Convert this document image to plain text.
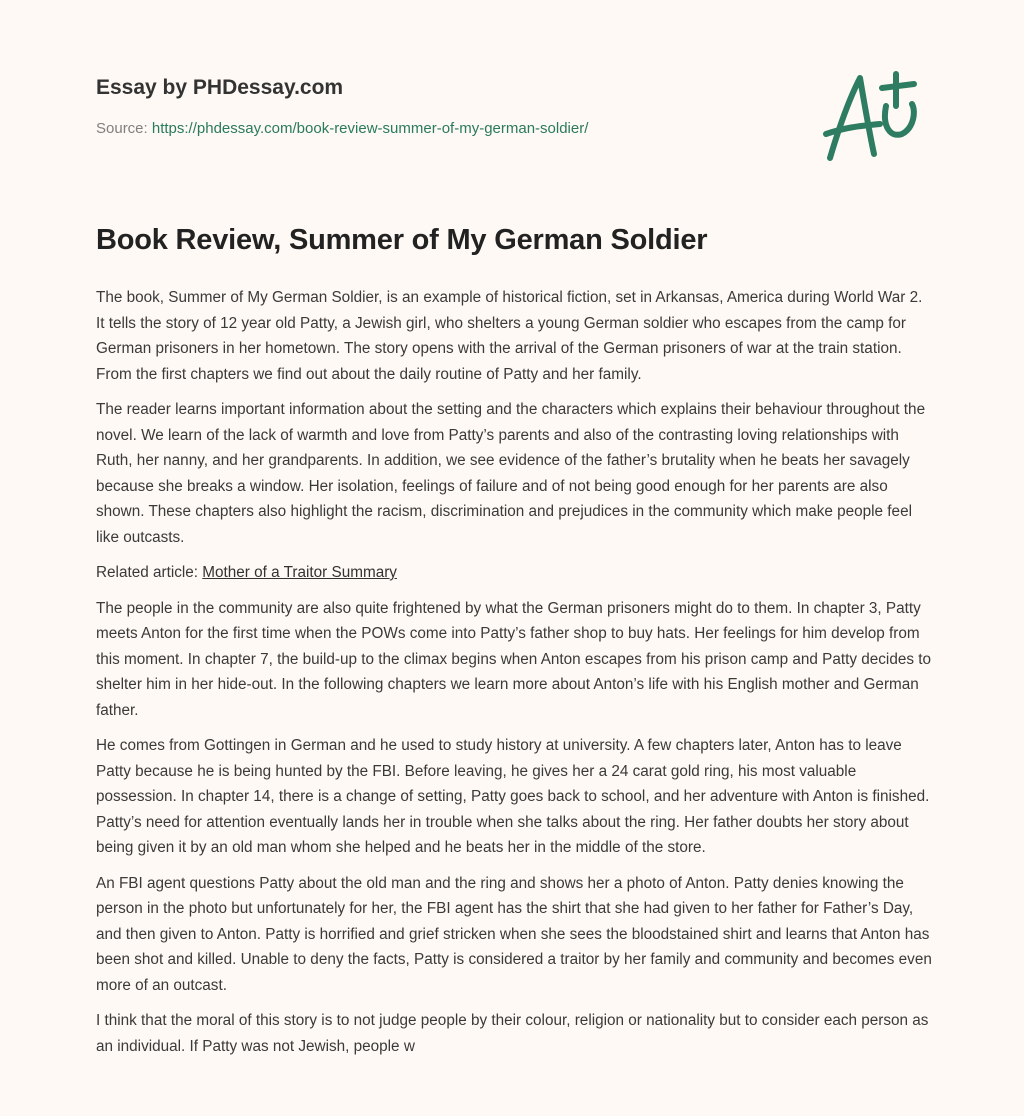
Essay by PHDessay.com
Source: https://phdessay.com/book-review-summer-of-my-german-soldier/
Book Review, Summer of My German Soldier

The book, Summer of My German Soldier, is an example of historical fiction, set in Arkansas, America during World War 2. It tells the story of 12 year old Patty, a Jewish girl, who shelters a young German soldier who escapes from the camp for German prisoners in her hometown. The story opens with the arrival of the German prisoners of war at the train station. From the first chapters we find out about the daily routine of Patty and her family.

The reader learns important information about the setting and the characters which explains their behaviour throughout the novel. We learn of the lack of warmth and love from Patty’s parents and also of the contrasting loving relationships with Ruth, her nanny, and her grandparents. In addition, we see evidence of the father’s brutality when he beats her savagely because she breaks a window. Her isolation, feelings of failure and of not being good enough for her parents are also shown. These chapters also highlight the racism, discrimination and prejudices in the community which make people feel like outcasts.

Related article: Mother of a Traitor Summary

The people in the community are also quite frightened by what the German prisoners might do to them. In chapter 3, Patty meets Anton for the first time when the POWs come into Patty’s father shop to buy hats. Her feelings for him develop from this moment. In chapter 7, the build-up to the climax begins when Anton escapes from his prison camp and Patty decides to shelter him in her hide-out. In the following chapters we learn more about Anton’s life with his English mother and German father.

He comes from Gottingen in German and he used to study history at university. A few chapters later, Anton has to leave Patty because he is being hunted by the FBI. Before leaving, he gives her a 24 carat gold ring, his most valuable possession. In chapter 14, there is a change of setting, Patty goes back to school, and her adventure with Anton is finished. Patty’s need for attention eventually lands her in trouble when she talks about the ring. Her father doubts her story about being given it by an old man whom she helped and he beats her in the middle of the store.

An FBI agent questions Patty about the old man and the ring and shows her a photo of Anton. Patty denies knowing the person in the photo but unfortunately for her, the FBI agent has the shirt that she had given to her father for Father’s Day, and then given to Anton. Patty is horrified and grief stricken when she sees the bloodstained shirt and learns that Anton has been shot and killed. Unable to deny the facts, Patty is considered a traitor by her family and community and becomes even more of an outcast.

I think that the moral of this story is to not judge people by their colour, religion or nationality but to consider each person as an individual. If Patty was not Jewish, people w
